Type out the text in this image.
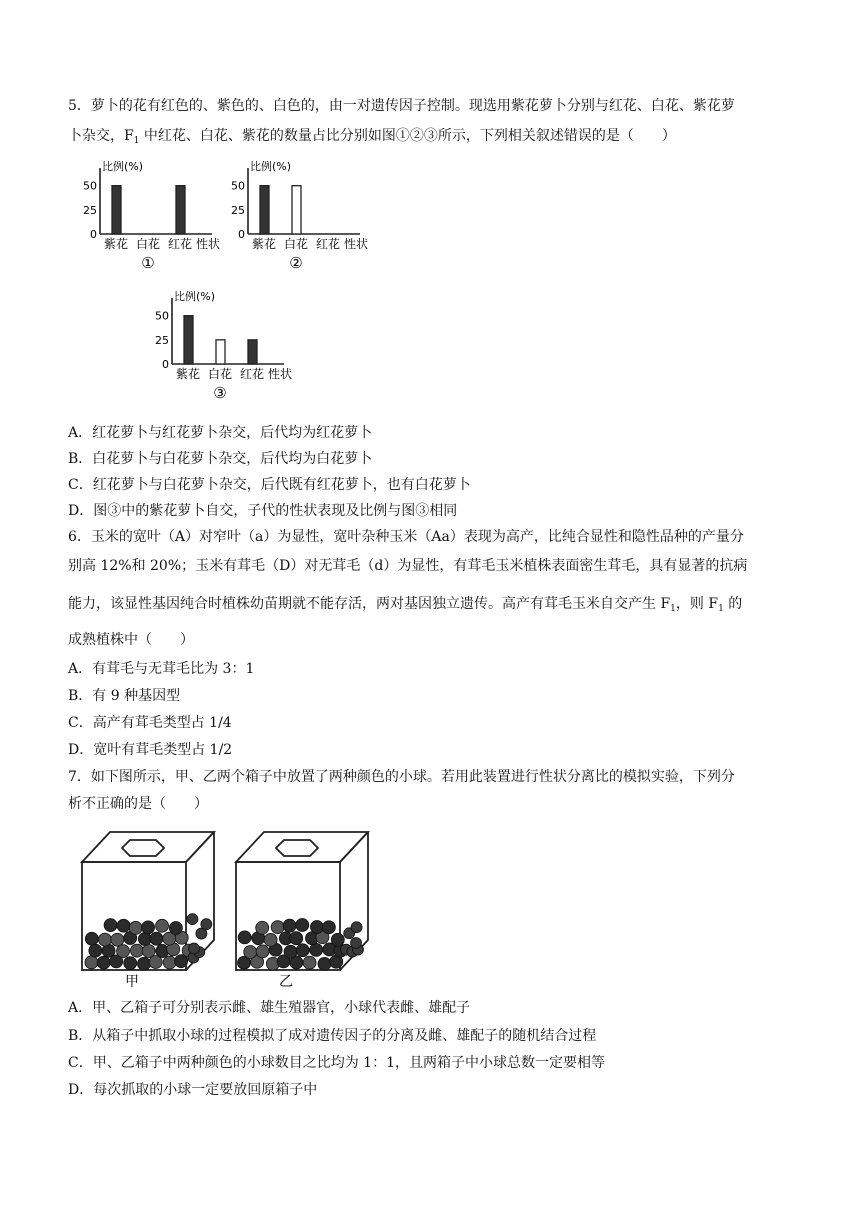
5．萝卜的花有红色的、紫色的、白色的，由一对遗传因子控制。现选用紫花萝卜分别与红花、白花、紫花萝
卜杂交，$F_1$ 中红花、白花、紫花的数量占比分别如图①②③所示，下列相关叙述错误的是（　　）
比例(%)
0
25
50
紫花 白花 红花 性状
①
比例(%)
0
25
50
紫花 白花 红花 性状
②
比例(%)
0
25
50
紫花 白花 红花 性状
③
A．红花萝卜与红花萝卜杂交，后代均为红花萝卜
B．白花萝卜与白花萝卜杂交，后代均为白花萝卜
C．红花萝卜与白花萝卜杂交，后代既有红花萝卜，也有白花萝卜
D．图③中的紫花萝卜自交，子代的性状表现及比例与图③相同
6．玉米的宽叶（A）对窄叶（a）为显性，宽叶杂种玉米（Aa）表现为高产，比纯合显性和隐性品种的产量分
别高 12%和 20%；玉米有茸毛（D）对无茸毛（d）为显性，有茸毛玉米植株表面密生茸毛，具有显著的抗病
能力，该显性基因纯合时植株幼苗期就不能存活，两对基因独立遗传。高产有茸毛玉米自交产生 $F_1$，则 $F_1$ 的
成熟植株中（　　）
A．有茸毛与无茸毛比为 3：1
B．有 9 种基因型
C．高产有茸毛类型占 1/4
D．宽叶有茸毛类型占 1/2
7．如下图所示，甲、乙两个箱子中放置了两种颜色的小球。若用此装置进行性状分离比的模拟实验，下列分
析不正确的是（　　）
甲	乙
A．甲、乙箱子可分别表示雌、雄生殖器官，小球代表雌、雄配子
B．从箱子中抓取小球的过程模拟了成对遗传因子的分离及雌、雄配子的随机结合过程
C．甲、乙箱子中两种颜色的小球数目之比均为 1：1，且两箱子中小球总数一定要相等
D．每次抓取的小球一定要放回原箱子中
